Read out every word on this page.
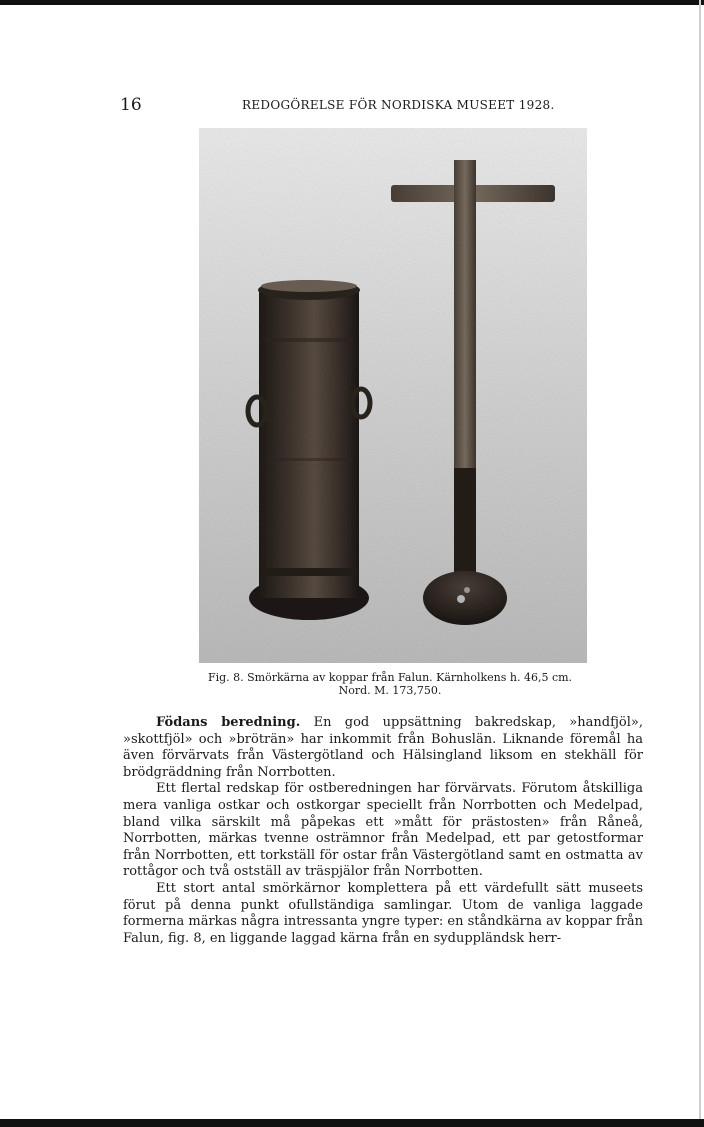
16	REDOGÖRELSE FÖR NORDISKA MUSEET 1928.
Fig. 8. Smörkärna av koppar från Falun. Kärnholkens h. 46,5 cm.
Nord. M. 173,750.

Födans beredning. En god uppsättning bakredskap, »handfjöl», »skottfjöl» och »bröträn» har inkommit från Bohuslän. Liknande föremål ha även förvärvats från Västergötland och Hälsingland liksom en stekhäll för brödgräddning från Norrbotten.

Ett flertal redskap för ostberedningen har förvärvats. Förutom åtskilliga mera vanliga ostkar och ostkorgar speciellt från Norrbotten och Medelpad, bland vilka särskilt må påpekas ett »mått för prästosten» från Råneå, Norrbotten, märkas tvenne osträmnor från Medelpad, ett par getostformar från Norrbotten, ett torkställ för ostar från Västergötland samt en ostmatta av rottågor och två ostställ av träspjälor från Norrbotten.

Ett stort antal smörkärnor komplettera på ett värdefullt sätt museets förut på denna punkt ofullständiga samlingar. Utom de vanliga laggade formerna märkas några intressanta yngre typer: en ståndkärna av koppar från Falun, fig. 8, en liggande laggad kärna från en syduppländsk herr-
